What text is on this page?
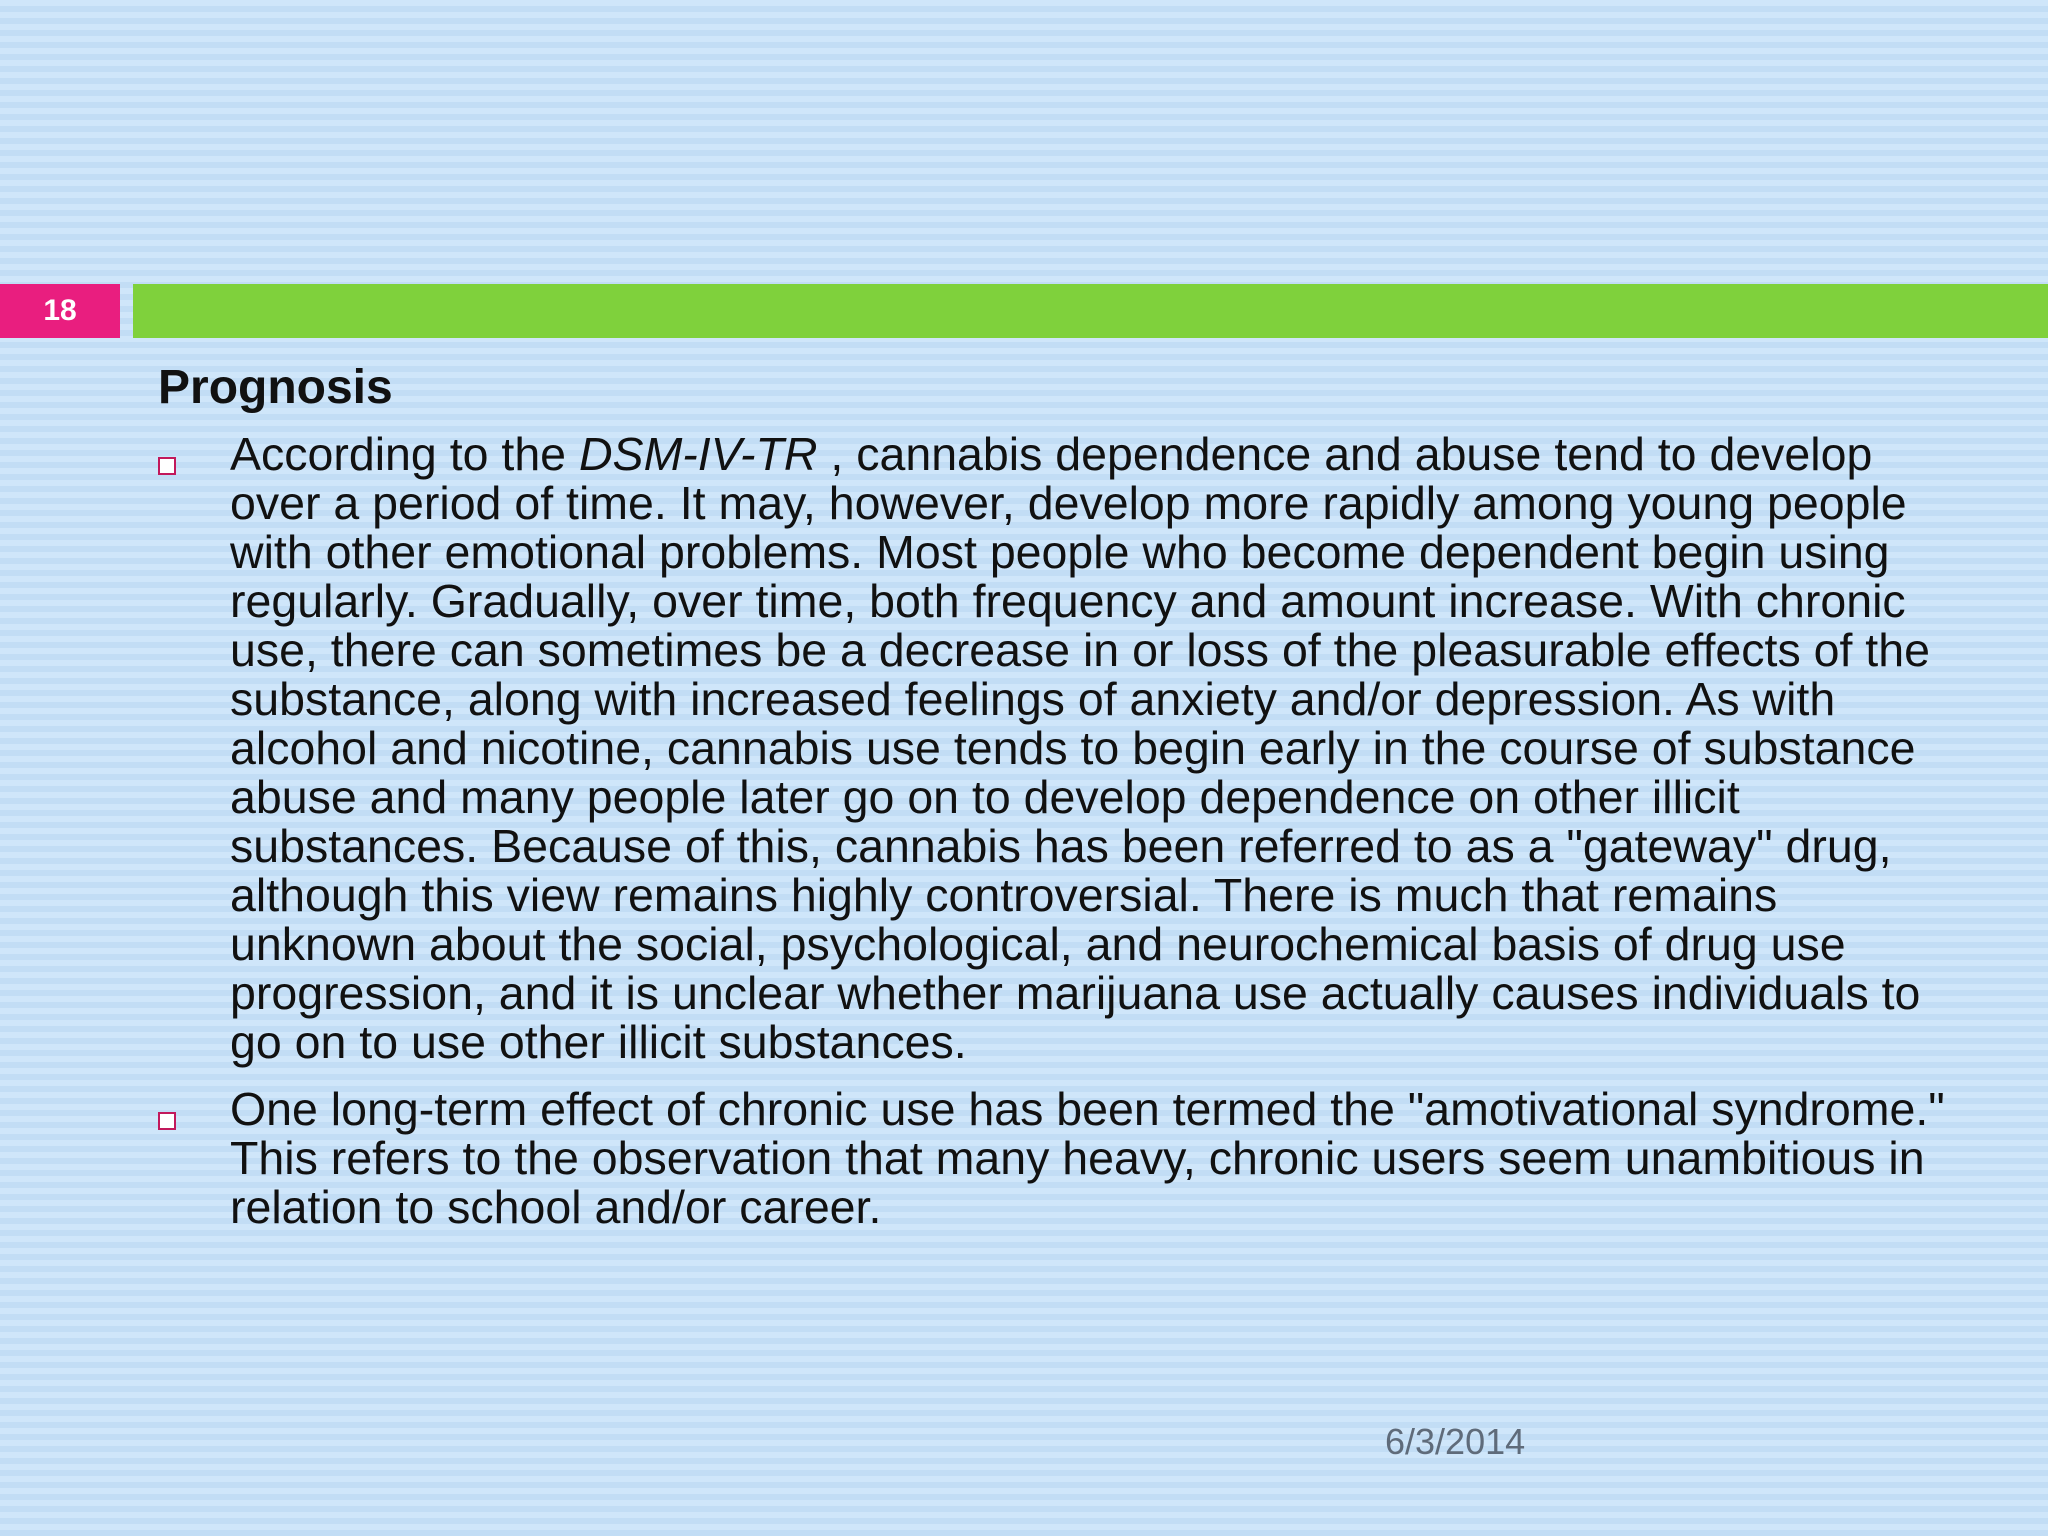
18
Prognosis
According to the DSM-IV-TR , cannabis dependence and abuse tend to develop over a period of time. It may, however, develop more rapidly among young people with other emotional problems. Most people who become dependent begin using regularly. Gradually, over time, both frequency and amount increase. With chronic use, there can sometimes be a decrease in or loss of the pleasurable effects of the substance, along with increased feelings of anxiety and/or depression. As with alcohol and nicotine, cannabis use tends to begin early in the course of substance abuse and many people later go on to develop dependence on other illicit substances. Because of this, cannabis has been referred to as a "gateway" drug, although this view remains highly controversial. There is much that remains unknown about the social, psychological, and neurochemical basis of drug use progression, and it is unclear whether marijuana use actually causes individuals to go on to use other illicit substances.
One long-term effect of chronic use has been termed the "amotivational syndrome." This refers to the observation that many heavy, chronic users seem unambitious in relation to school and/or career.
6/3/2014
